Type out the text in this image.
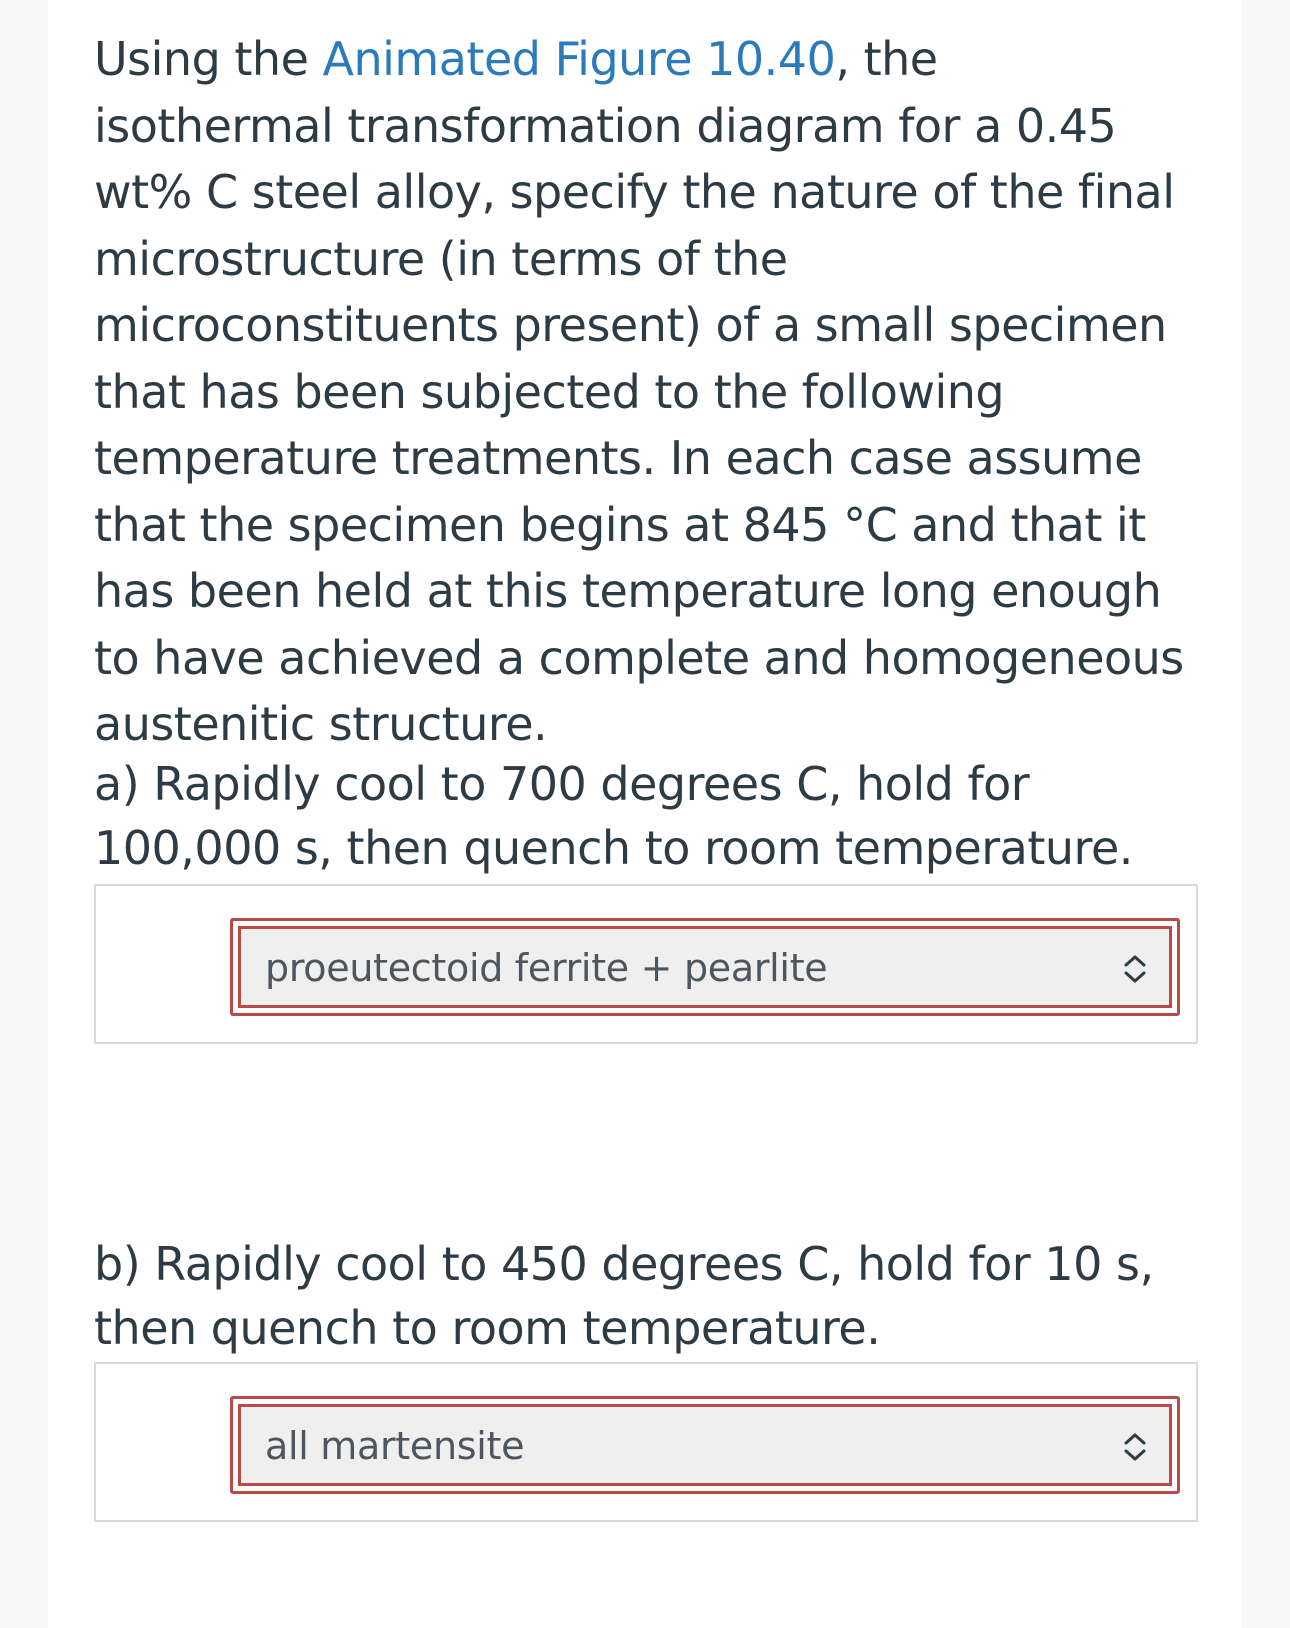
Using the Animated Figure 10.40, the isothermal transformation diagram for a 0.45 wt% C steel alloy, specify the nature of the final microstructure (in terms of the microconstituents present) of a small specimen that has been subjected to the following temperature treatments. In each case assume that the specimen begins at 845 °C and that it has been held at this temperature long enough to have achieved a complete and homogeneous austenitic structure.

a) Rapidly cool to 700 degrees C, hold for 100,000 s, then quench to room temperature.

proeutectoid ferrite + pearlite

b) Rapidly cool to 450 degrees C, hold for 10 s, then quench to room temperature.

all martensite
